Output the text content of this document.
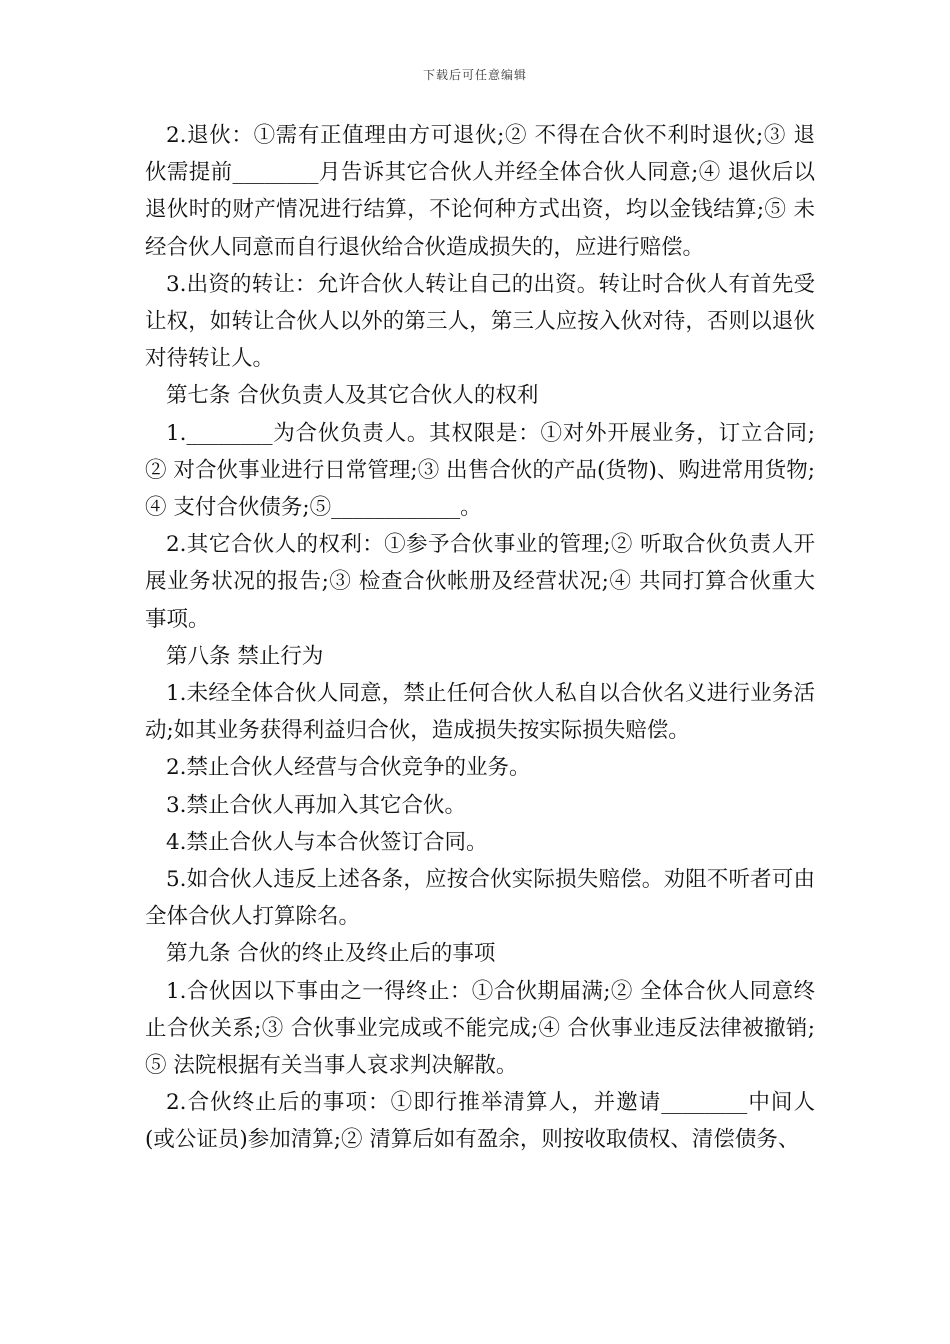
下载后可任意编辑

2.退伙：①需有正值理由方可退伙;② 不得在合伙不利时退伙;③ 退伙需提前________月告诉其它合伙人并经全体合伙人同意;④ 退伙后以退伙时的财产情况进行结算，不论何种方式出资，均以金钱结算;⑤ 未经合伙人同意而自行退伙给合伙造成损失的，应进行赔偿。

3.出资的转让：允许合伙人转让自己的出资。转让时合伙人有首先受让权，如转让合伙人以外的第三人，第三人应按入伙对待，否则以退伙对待转让人。

第七条 合伙负责人及其它合伙人的权利

1.________为合伙负责人。其权限是：①对外开展业务，订立合同;② 对合伙事业进行日常管理;③ 出售合伙的产品(货物)、购进常用货物;④ 支付合伙债务;⑤____________。

2.其它合伙人的权利：①参予合伙事业的管理;② 听取合伙负责人开展业务状况的报告;③ 检查合伙帐册及经营状况;④ 共同打算合伙重大事项。

第八条 禁止行为

1.未经全体合伙人同意，禁止任何合伙人私自以合伙名义进行业务活动;如其业务获得利益归合伙，造成损失按实际损失赔偿。

2.禁止合伙人经营与合伙竞争的业务。

3.禁止合伙人再加入其它合伙。

4.禁止合伙人与本合伙签订合同。

5.如合伙人违反上述各条，应按合伙实际损失赔偿。劝阻不听者可由全体合伙人打算除名。

第九条 合伙的终止及终止后的事项

1.合伙因以下事由之一得终止：①合伙期届满;② 全体合伙人同意终止合伙关系;③ 合伙事业完成或不能完成;④ 合伙事业违反法律被撤销;⑤ 法院根据有关当事人哀求判决解散。

2.合伙终止后的事项：①即行推举清算人，并邀请________中间人(或公证员)参加清算;② 清算后如有盈余，则按收取债权、清偿债务、
